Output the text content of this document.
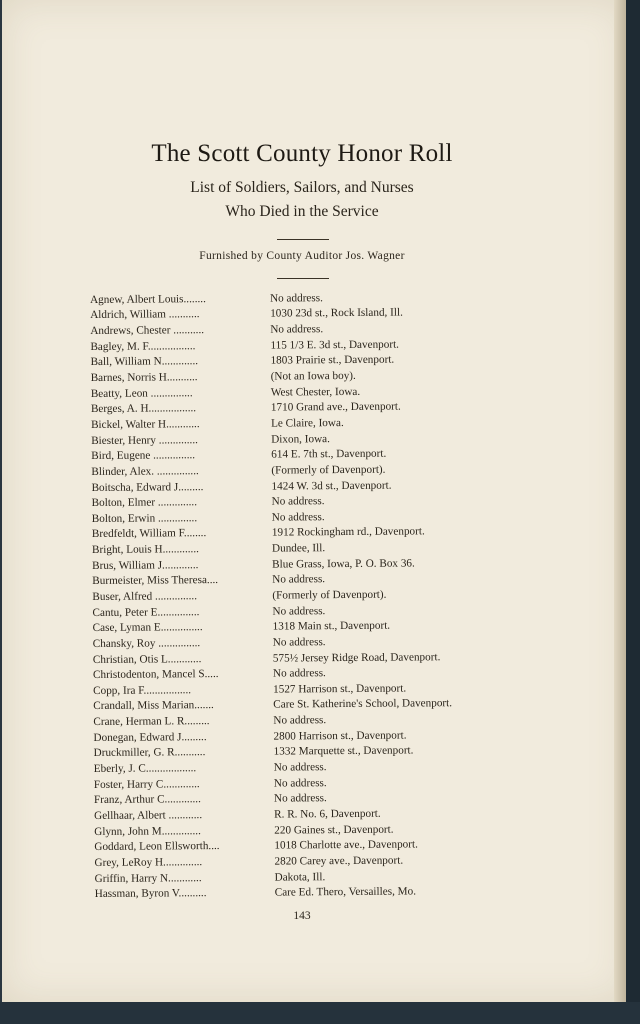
The Scott County Honor Roll
List of Soldiers, Sailors, and Nurses
Who Died in the Service
Furnished by County Auditor Jos. Wagner
Agnew, Albert Louis........	No address.
Aldrich, William ...........	1030 23d st., Rock Island, Ill.
Andrews, Chester ...........	No address.
Bagley, M. F.................	115 1/3 E. 3d st., Davenport.
Ball, William N.............	1803 Prairie st., Davenport.
Barnes, Norris H...........	(Not an Iowa boy).
Beatty, Leon ...............	West Chester, Iowa.
Berges, A. H.................	1710 Grand ave., Davenport.
Bickel, Walter H............	Le Claire, Iowa.
Biester, Henry ..............	Dixon, Iowa.
Bird, Eugene ...............	614 E. 7th st., Davenport.
Blinder, Alex. ...............	(Formerly of Davenport).
Boitscha, Edward J.........	1424 W. 3d st., Davenport.
Bolton, Elmer ..............	No address.
Bolton, Erwin ..............	No address.
Bredfeldt, William F........	1912 Rockingham rd., Davenport.
Bright, Louis H.............	Dundee, Ill.
Brus, William J.............	Blue Grass, Iowa, P. O. Box 36.
Burmeister, Miss Theresa....	No address.
Buser, Alfred ...............	(Formerly of Davenport).
Cantu, Peter E...............	No address.
Case, Lyman E...............	1318 Main st., Davenport.
Chansky, Roy ...............	No address.
Christian, Otis L............	575½ Jersey Ridge Road, Davenport.
Christodenton, Mancel S.....	No address.
Copp, Ira F.................	1527 Harrison st., Davenport.
Crandall, Miss Marian.......	Care St. Katherine's School, Davenport.
Crane, Herman L. R.........	No address.
Donegan, Edward J.........	2800 Harrison st., Davenport.
Druckmiller, G. R...........	1332 Marquette st., Davenport.
Eberly, J. C..................	No address.
Foster, Harry C.............	No address.
Franz, Arthur C.............	No address.
Gellhaar, Albert ............	R. R. No. 6, Davenport.
Glynn, John M..............	220 Gaines st., Davenport.
Goddard, Leon Ellsworth....	1018 Charlotte ave., Davenport.
Grey, LeRoy H..............	2820 Carey ave., Davenport.
Griffin, Harry N............	Dakota, Ill.
Hassman, Byron V..........	Care Ed. Thero, Versailles, Mo.
143
